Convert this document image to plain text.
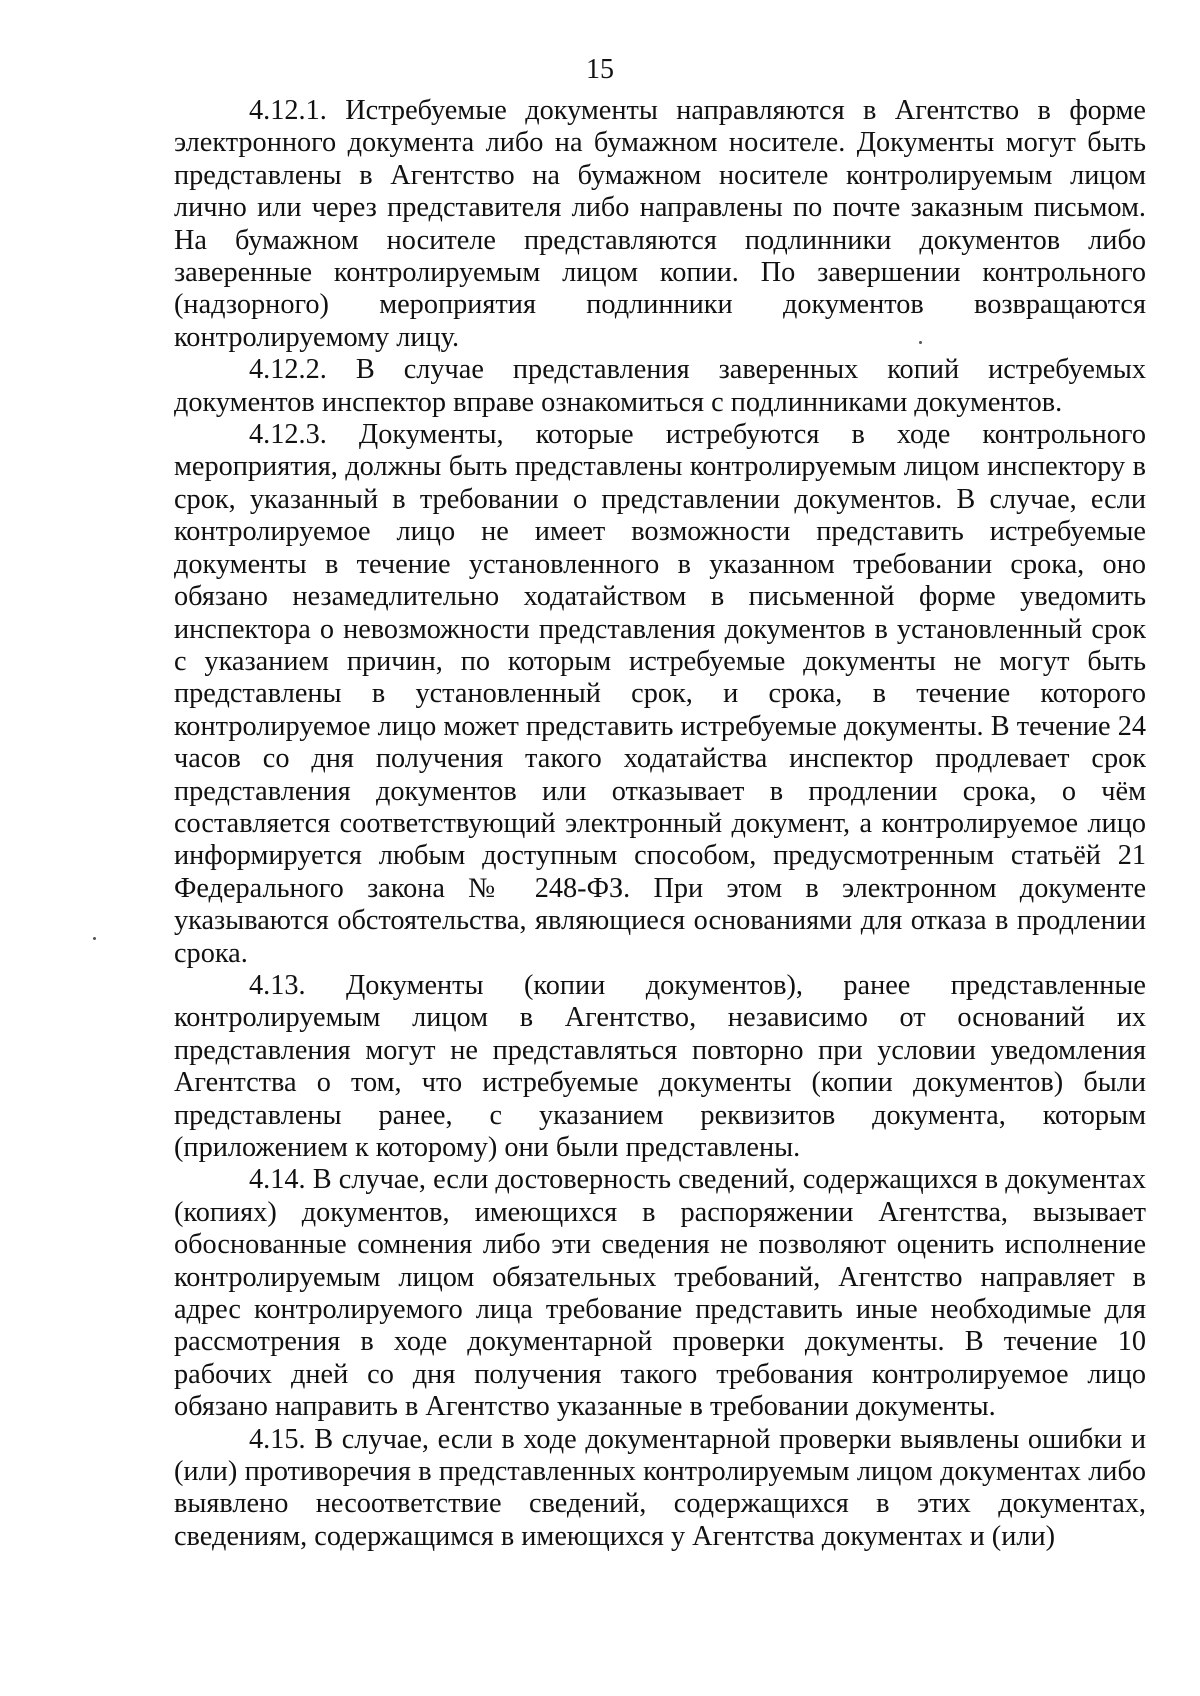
15

4.12.1. Истребуемые документы направляются в Агентство в форме электронного документа либо на бумажном носителе. Документы могут быть представлены в Агентство на бумажном носителе контролируемым лицом лично или через представителя либо направлены по почте заказным письмом. На бумажном носителе представляются подлинники документов либо заверенные контролируемым лицом копии. По завершении контрольного (надзорного) мероприятия подлинники документов возвращаются контролируемому лицу.

4.12.2. В случае представления заверенных копий истребуемых документов инспектор вправе ознакомиться с подлинниками документов.

4.12.3. Документы, которые истребуются в ходе контрольного мероприятия, должны быть представлены контролируемым лицом инспектору в срок, указанный в требовании о представлении документов. В случае, если контролируемое лицо не имеет возможности представить истребуемые документы в течение установленного в указанном требовании срока, оно обязано незамедлительно ходатайством в письменной форме уведомить инспектора о невозможности представления документов в установленный срок с указанием причин, по которым истребуемые документы не могут быть представлены в установленный срок, и срока, в течение которого контролируемое лицо может представить истребуемые документы. В течение 24 часов со дня получения такого ходатайства инспектор продлевает срок представления документов или отказывает в продлении срока, о чём составляется соответствующий электронный документ, а контролируемое лицо информируется любым доступным способом, предусмотренным статьёй 21 Федерального закона № 248-ФЗ. При этом в электронном документе указываются обстоятельства, являющиеся основаниями для отказа в продлении срока.

4.13. Документы (копии документов), ранее представленные контролируемым лицом в Агентство, независимо от оснований их представления могут не представляться повторно при условии уведомления Агентства о том, что истребуемые документы (копии документов) были представлены ранее, с указанием реквизитов документа, которым (приложением к которому) они были представлены.

4.14. В случае, если достоверность сведений, содержащихся в документах (копиях) документов, имеющихся в распоряжении Агентства, вызывает обоснованные сомнения либо эти сведения не позволяют оценить исполнение контролируемым лицом обязательных требований, Агентство направляет в адрес контролируемого лица требование представить иные необходимые для рассмотрения в ходе документарной проверки документы. В течение 10 рабочих дней со дня получения такого требования контролируемое лицо обязано направить в Агентство указанные в требовании документы.

4.15. В случае, если в ходе документарной проверки выявлены ошибки и (или) противоречия в представленных контролируемым лицом документах либо выявлено несоответствие сведений, содержащихся в этих документах, сведениям, содержащимся в имеющихся у Агентства документах и (или)
